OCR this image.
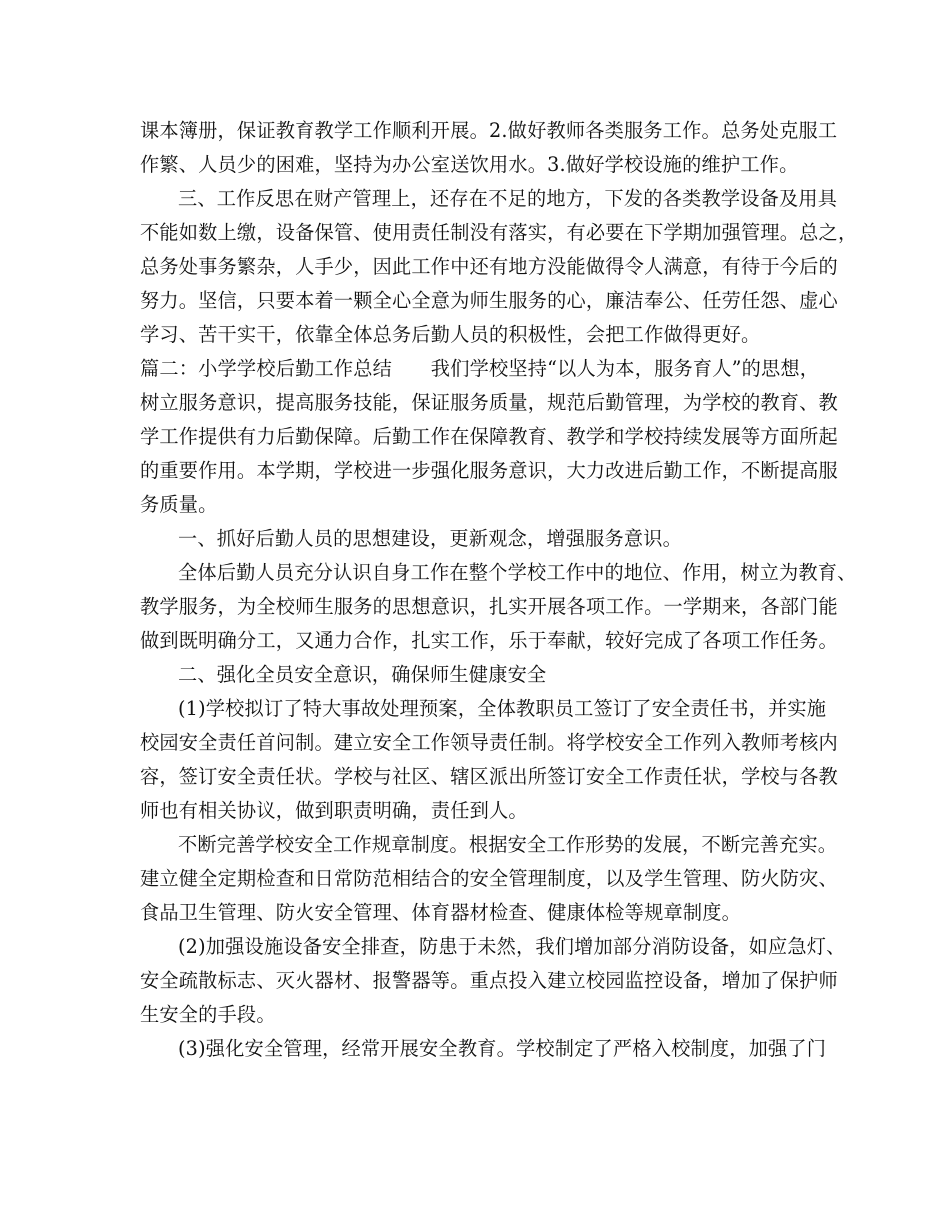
课本簿册，保证教育教学工作顺利开展。2.做好教师各类服务工作。总务处克服工
作繁、人员少的困难，坚持为办公室送饮用水。3.做好学校设施的维护工作。
三、工作反思在财产管理上，还存在不足的地方，下发的各类教学设备及用具
不能如数上缴，设备保管、使用责任制没有落实，有必要在下学期加强管理。总之，
总务处事务繁杂，人手少，因此工作中还有地方没能做得令人满意，有待于今后的
努力。坚信，只要本着一颗全心全意为师生服务的心，廉洁奉公、任劳任怨、虚心
学习、苦干实干，依靠全体总务后勤人员的积极性，会把工作做得更好。
篇二：小学学校后勤工作总结　　我们学校坚持“以人为本，服务育人”的思想，
树立服务意识，提高服务技能，保证服务质量，规范后勤管理，为学校的教育、教
学工作提供有力后勤保障。后勤工作在保障教育、教学和学校持续发展等方面所起
的重要作用。本学期，学校进一步强化服务意识，大力改进后勤工作，不断提高服
务质量。
一、抓好后勤人员的思想建设，更新观念，增强服务意识。
全体后勤人员充分认识自身工作在整个学校工作中的地位、作用，树立为教育、
教学服务，为全校师生服务的思想意识，扎实开展各项工作。一学期来，各部门能
做到既明确分工，又通力合作，扎实工作，乐于奉献，较好完成了各项工作任务。
二、强化全员安全意识，确保师生健康安全
(1)学校拟订了特大事故处理预案，全体教职员工签订了安全责任书，并实施
校园安全责任首问制。建立安全工作领导责任制。将学校安全工作列入教师考核内
容，签订安全责任状。学校与社区、辖区派出所签订安全工作责任状，学校与各教
师也有相关协议，做到职责明确，责任到人。
不断完善学校安全工作规章制度。根据安全工作形势的发展，不断完善充实。
建立健全定期检查和日常防范相结合的安全管理制度，以及学生管理、防火防灾、
食品卫生管理、防火安全管理、体育器材检查、健康体检等规章制度。
(2)加强设施设备安全排查，防患于未然，我们增加部分消防设备，如应急灯、
安全疏散标志、灭火器材、报警器等。重点投入建立校园监控设备，增加了保护师
生安全的手段。
(3)强化安全管理，经常开展安全教育。学校制定了严格入校制度，加强了门
